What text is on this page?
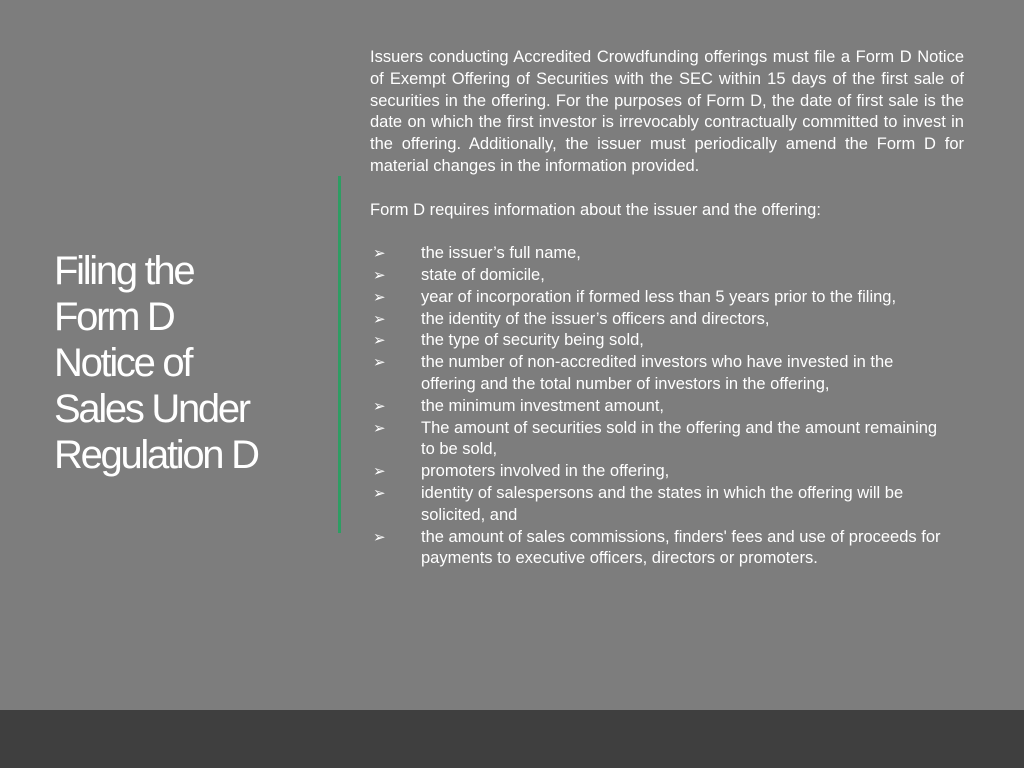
Filing the
Form D
Notice of
Sales Under
Regulation D

Issuers conducting Accredited Crowdfunding offerings must file a Form D Notice of Exempt Offering of Securities with the SEC within 15 days of the first sale of securities in the offering. For the purposes of Form D, the date of first sale is the date on which the first investor is irrevocably contractually committed to invest in the offering. Additionally, the issuer must periodically amend the Form D for material changes in the information provided.

Form D requires information about the issuer and the offering:

➢ the issuer’s full name,
➢ state of domicile,
➢ year of incorporation if formed less than 5 years prior to the filing,
➢ the identity of the issuer’s officers and directors,
➢ the type of security being sold,
➢ the number of non-accredited investors who have invested in the offering and the total number of investors in the offering,
➢ the minimum investment amount,
➢ The amount of securities sold in the offering and the amount remaining to be sold,
➢ promoters involved in the offering,
➢ identity of salespersons and the states in which the offering will be solicited, and
➢ the amount of sales commissions, finders' fees and use of proceeds for payments to executive officers, directors or promoters.
